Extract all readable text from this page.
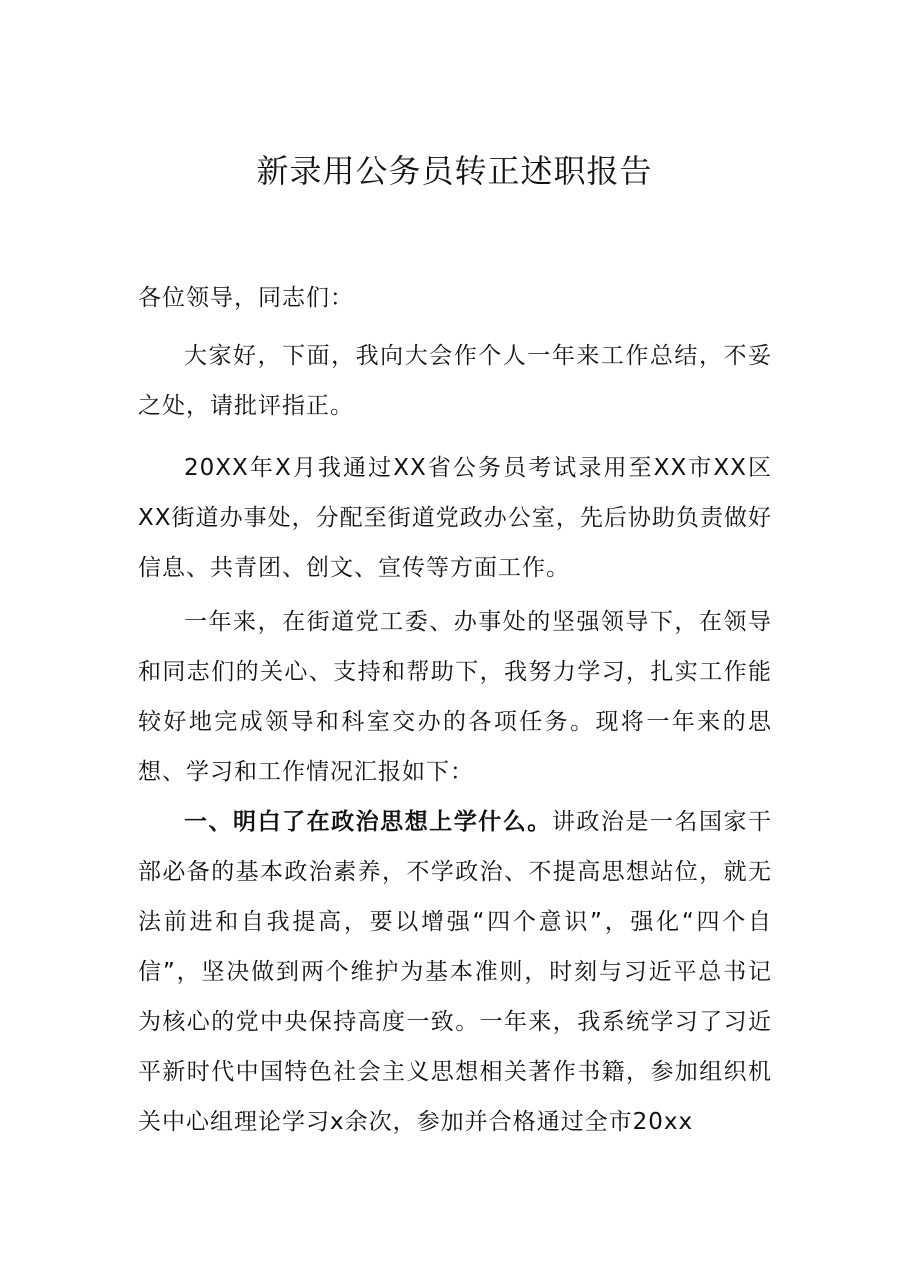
新录用公务员转正述职报告

各位领导，同志们：

大家好，下面，我向大会作个人一年来工作总结，不妥之处，请批评指正。

20XX年X月我通过XX省公务员考试录用至XX市XX区XX街道办事处，分配至街道党政办公室，先后协助负责做好信息、共青团、创文、宣传等方面工作。

一年来，在街道党工委、办事处的坚强领导下，在领导和同志们的关心、支持和帮助下，我努力学习，扎实工作能较好地完成领导和科室交办的各项任务。现将一年来的思想、学习和工作情况汇报如下：

一、明白了在政治思想上学什么。讲政治是一名国家干部必备的基本政治素养，不学政治、不提高思想站位，就无法前进和自我提高，要以增强“四个意识”，强化“四个自信”，坚决做到两个维护为基本准则，时刻与习近平总书记为核心的党中央保持高度一致。一年来，我系统学习了习近平新时代中国特色社会主义思想相关著作书籍，参加组织机关中心组理论学习x余次，参加并合格通过全市20xx
